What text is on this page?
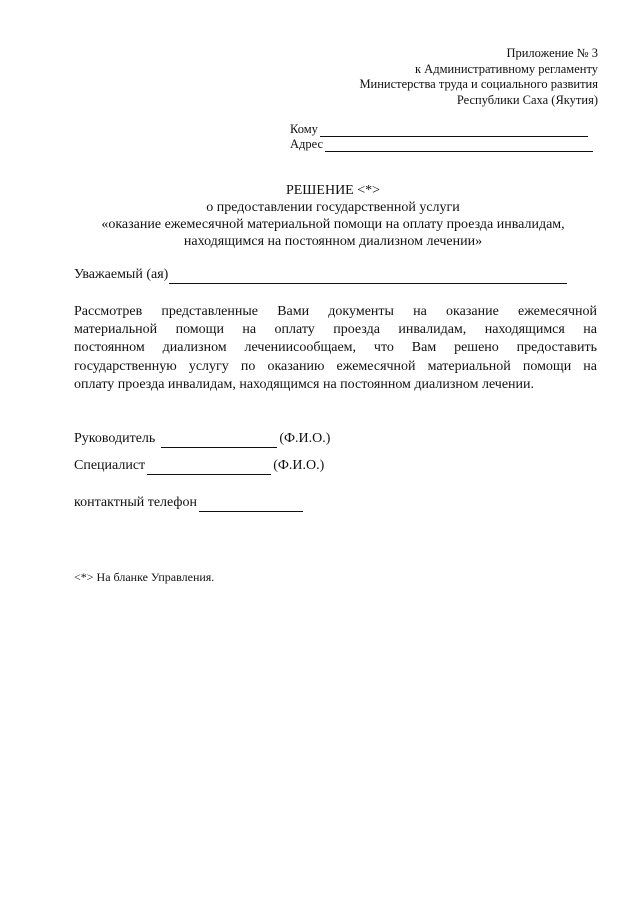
Приложение № 3
к Административному регламенту
Министерства труда и социального развития
Республики Саха (Якутия)
Кому
Адрес
РЕШЕНИЕ <*>
о предоставлении государственной услуги
«оказание ежемесячной материальной помощи на оплату проезда инвалидам,
находящимся на постоянном диализном лечении»
Уважаемый (ая)
Рассмотрев представленные Вами документы на оказание ежемесячной
материальной помощи на оплату проезда инвалидам, находящимся на
постоянном диализном лечениисообщаем, что Вам решено предоставить
государственную услугу по оказанию ежемесячной материальной помощи на
оплату проезда инвалидам, находящимся на постоянном диализном лечении.
Руководитель	(Ф.И.О.)
Специалист	(Ф.И.О.)
контактный телефон
<*> На бланке Управления.
